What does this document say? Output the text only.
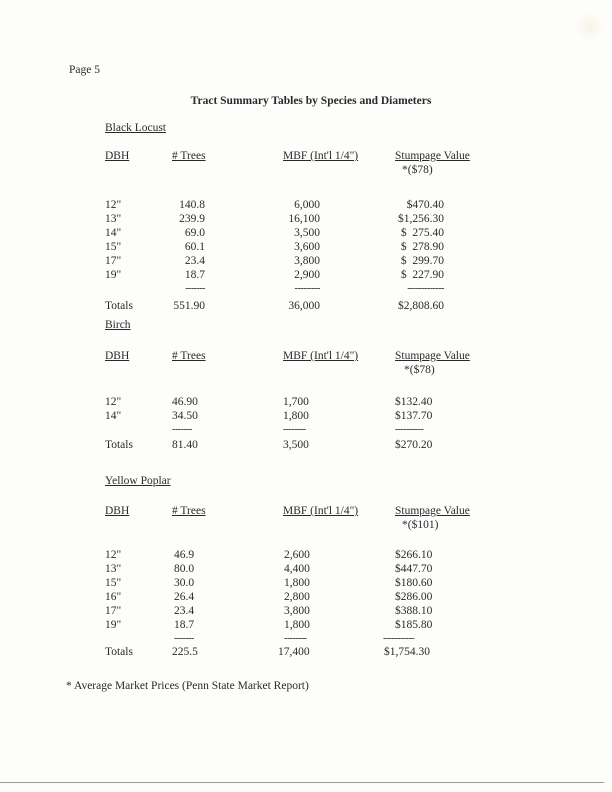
Page 5
Tract Summary Tables by Species and Diameters
Black Locust
DBH	# Trees	MBF (Int'l 1/4")	Stumpage Value
*($78)
12"	140.8	6,000	$470.40
13"	239.9	16,100	$1,256.30
14"	69.0	3,500	$  275.40
15"	60.1	3,600	$  278.90
17"	23.4	3,800	$  299.70
19"	18.7	2,900	$  227.90
-------	---------	-------------
Totals	551.90	36,000	$2,808.60
Birch
DBH	# Trees	MBF (Int'l 1/4")	Stumpage Value
*($78)
12"	46.90	1,700	$132.40
14"	34.50	1,800	$137.70
-------	--------	----------
Totals	81.40	3,500	$270.20
Yellow Poplar
DBH	# Trees	MBF (Int'l 1/4")	Stumpage Value
*($101)
12"	46.9	2,600	$266.10
13"	80.0	4,400	$447.70
15"	30.0	1,800	$180.60
16"	26.4	2,800	$286.00
17"	23.4	3,800	$388.10
19"	18.7	1,800	$185.80
-------	--------	-----------
Totals	225.5	17,400	$1,754.30
* Average Market Prices (Penn State Market Report)
